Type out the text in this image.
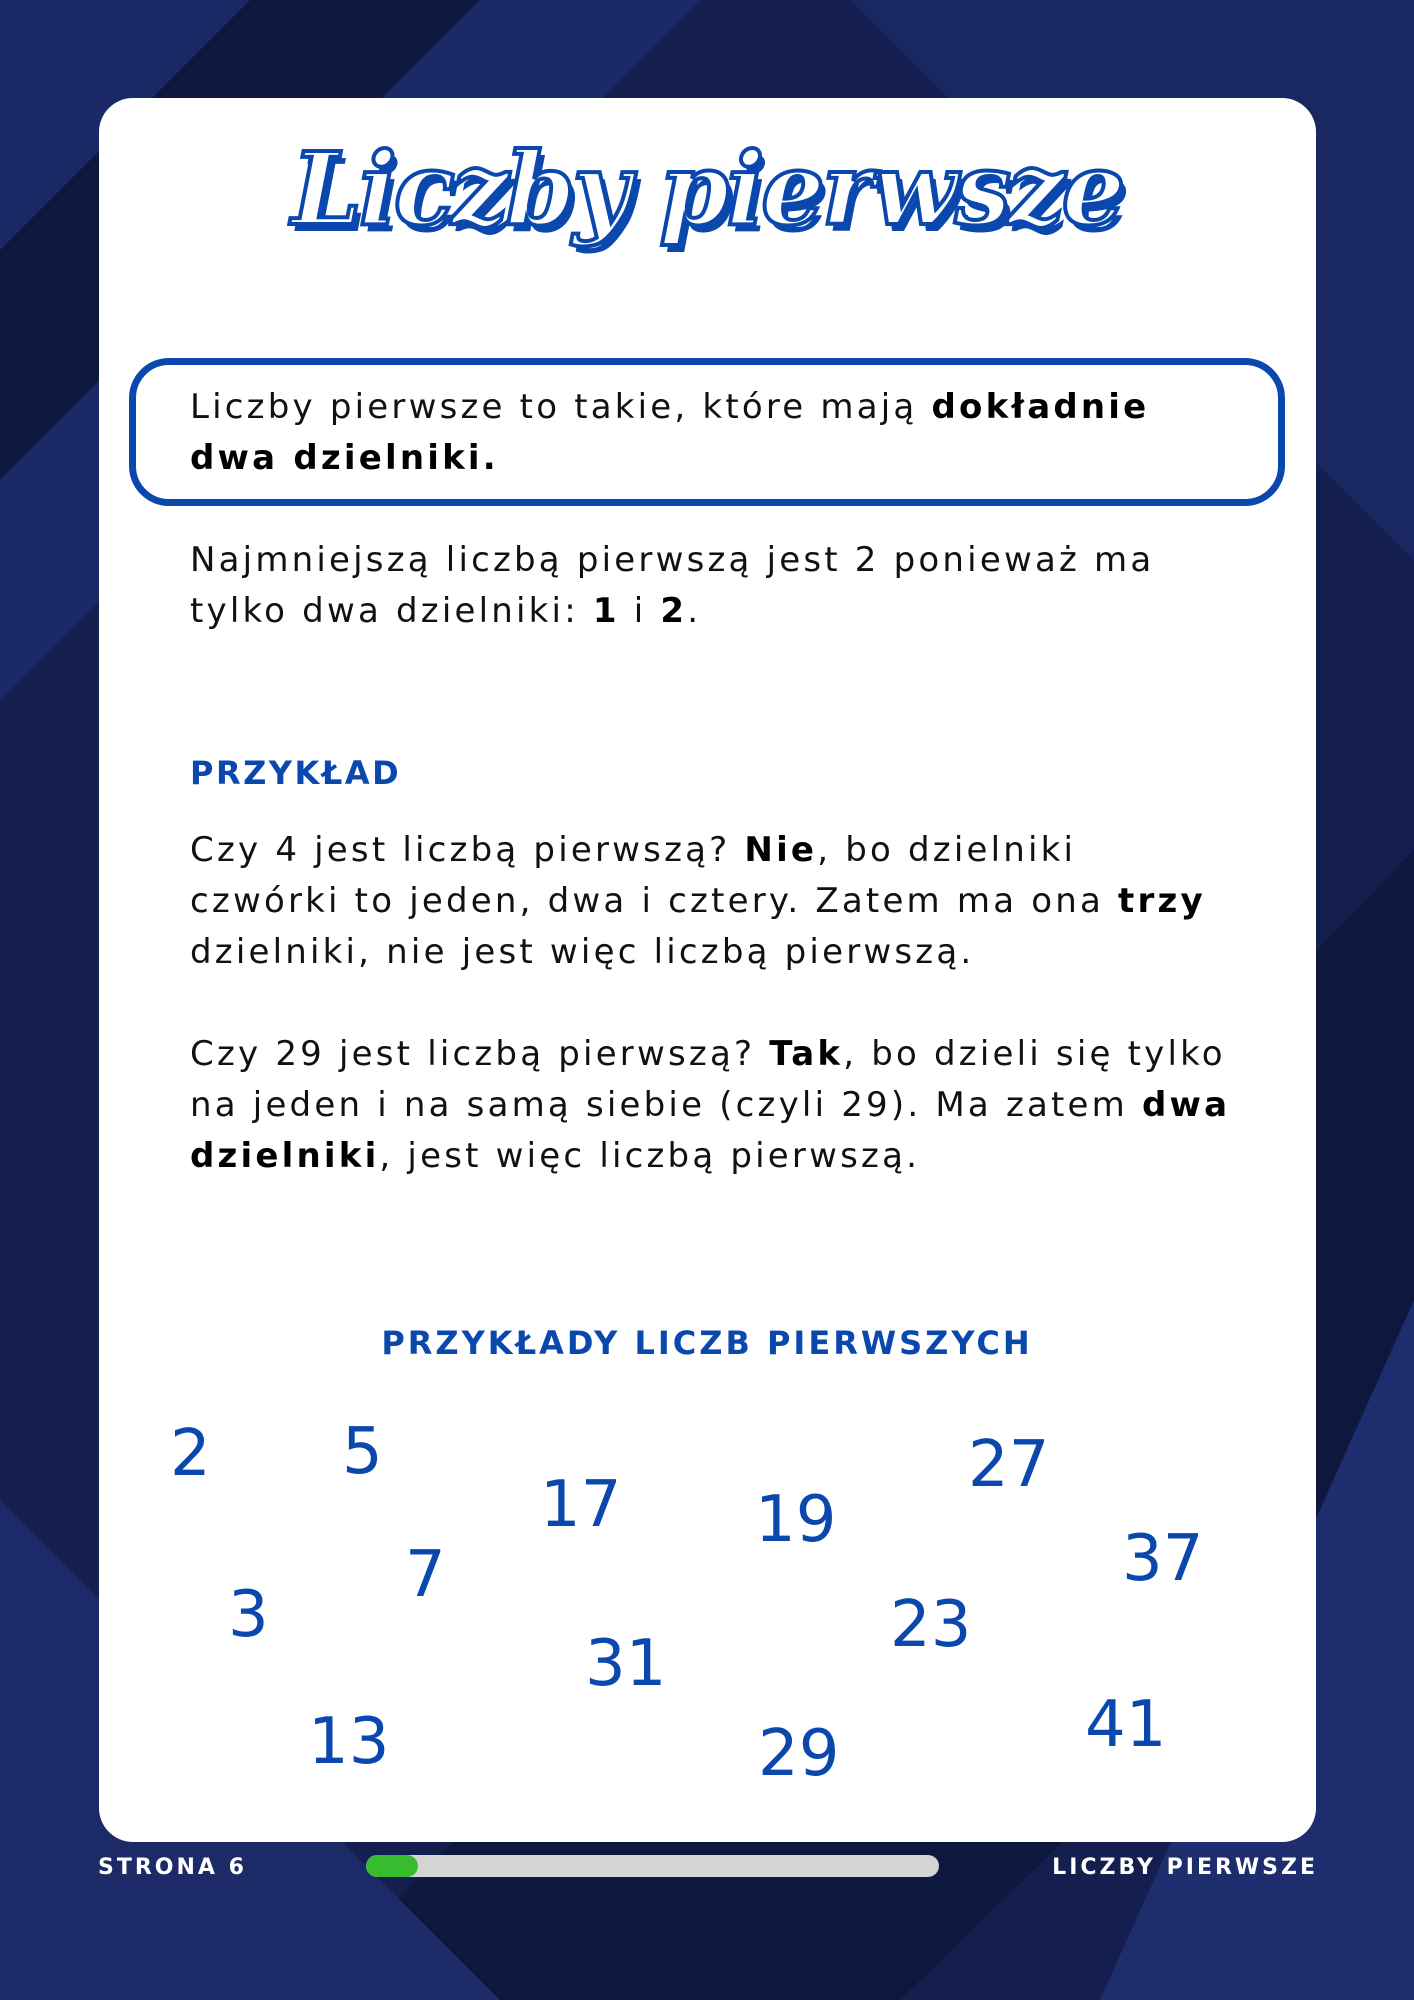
Liczby pierwsze

Liczby pierwsze to takie, które mają dokładnie dwa dzielniki.

Najmniejszą liczbą pierwszą jest 2 ponieważ ma tylko dwa dzielniki: 1 i 2.

PRZYKŁAD

Czy 4 jest liczbą pierwszą? Nie, bo dzielniki czwórki to jeden, dwa i cztery. Zatem ma ona trzy dzielniki, nie jest więc liczbą pierwszą.

Czy 29 jest liczbą pierwszą? Tak, bo dzieli się tylko na jeden i na samą siebie (czyli 29). Ma zatem dwa dzielniki, jest więc liczbą pierwszą.

PRZYKŁADY LICZB PIERWSZYCH
2
3
5
7
13
17
31
19
29
27
23
37
41
STRONA 6	LICZBY PIERWSZE
